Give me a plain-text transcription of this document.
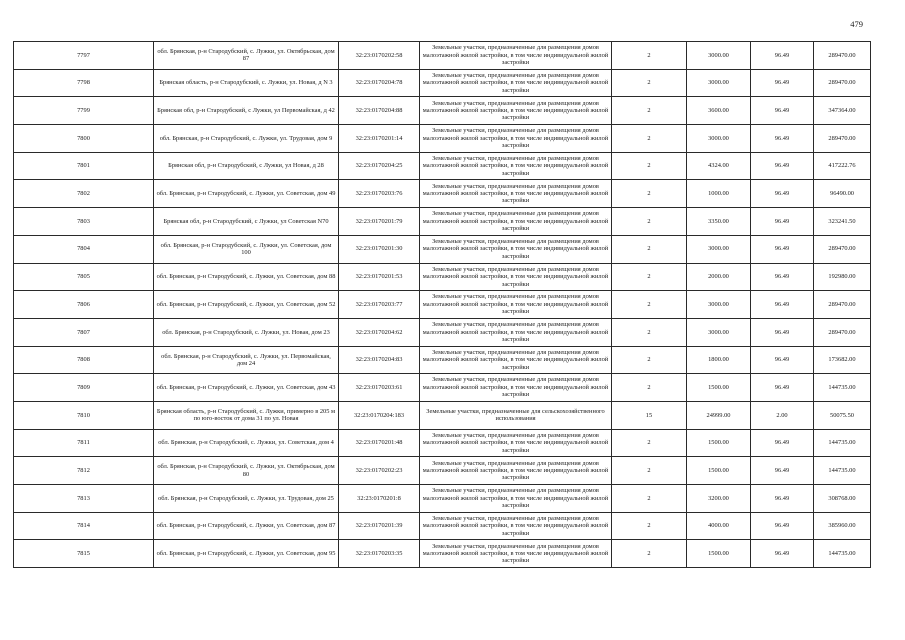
479
7797	обл. Брянская, р-н Стародубский, с. Лужки, ул. Октябрьская, дом 87	32:23:0170202:58	Земельные участки, предназначенные для размещения домов малоэтажной жилой застройки, в том числе индивидуальной жилой застройки	2	3000.00	96.49	289470.00
7798	Брянская область, р-н Стародубский, с. Лужки, ул. Новая, д N 3	32:23:0170204:78	Земельные участки, предназначенные для размещения домов малоэтажной жилой застройки, в том числе индивидуальной жилой застройки	2	3000.00	96.49	289470.00
7799	Брянская обл, р-н Стародубский, с Лужки, ул Первомайская, д 42	32:23:0170204:88	Земельные участки, предназначенные для размещения домов малоэтажной жилой застройки, в том числе индивидуальной жилой застройки	2	3600.00	96.49	347364.00
7800	обл. Брянская, р-н Стародубский, с. Лужки, ул. Трудовая, дом 9	32:23:0170201:14	Земельные участки, предназначенные для размещения домов малоэтажной жилой застройки, в том числе индивидуальной жилой застройки	2	3000.00	96.49	289470.00
7801	Брянская обл, р-н Стародубский, с Лужки, ул Новая, д 28	32:23:0170204:25	Земельные участки, предназначенные для размещения домов малоэтажной жилой застройки, в том числе индивидуальной жилой застройки	2	4324.00	96.49	417222.76
7802	обл. Брянская, р-н Стародубский, с. Лужки, ул. Советская, дом 49	32:23:0170203:76	Земельные участки, предназначенные для размещения домов малоэтажной жилой застройки, в том числе индивидуальной жилой застройки	2	1000.00	96.49	96490.00
7803	Брянская обл, р-н Стародубский, с Лужки, ул Советская N70	32:23:0170201:79	Земельные участки, предназначенные для размещения домов малоэтажной жилой застройки, в том числе индивидуальной жилой застройки	2	3350.00	96.49	323241.50
7804	обл. Брянская, р-н Стародубский, с. Лужки, ул. Советская, дом 100	32:23:0170201:30	Земельные участки, предназначенные для размещения домов малоэтажной жилой застройки, в том числе индивидуальной жилой застройки	2	3000.00	96.49	289470.00
7805	обл. Брянская, р-н Стародубский, с. Лужки, ул. Советская, дом 88	32:23:0170201:53	Земельные участки, предназначенные для размещения домов малоэтажной жилой застройки, в том числе индивидуальной жилой застройки	2	2000.00	96.49	192980.00
7806	обл. Брянская, р-н Стародубский, с. Лужки, ул. Советская, дом 52	32:23:0170203:77	Земельные участки, предназначенные для размещения домов малоэтажной жилой застройки, в том числе индивидуальной жилой застройки	2	3000.00	96.49	289470.00
7807	обл. Брянская, р-н Стародубский, с. Лужки, ул. Новая, дом 23	32:23:0170204:62	Земельные участки, предназначенные для размещения домов малоэтажной жилой застройки, в том числе индивидуальной жилой застройки	2	3000.00	96.49	289470.00
7808	обл. Брянская, р-н Стародубский, с. Лужки, ул. Первомайская, дом 24	32:23:0170204:83	Земельные участки, предназначенные для размещения домов малоэтажной жилой застройки, в том числе индивидуальной жилой застройки	2	1800.00	96.49	173682.00
7809	обл. Брянская, р-н Стародубский, с. Лужки, ул. Советская, дом 43	32:23:0170203:61	Земельные участки, предназначенные для размещения домов малоэтажной жилой застройки, в том числе индивидуальной жилой застройки	2	1500.00	96.49	144735.00
7810	Брянская область, р-н Стародубский, с. Лужки, примерно в 205 м по юго-восток от дома 31 по ул. Новая	32:23:0170204:183	Земельные участки, предназначенные для сельскохозяйственного использования	15	24999.00	2.00	50075.50
7811	обл. Брянская, р-н Стародубский, с. Лужки, ул. Советская, дом 4	32:23:0170201:48	Земельные участки, предназначенные для размещения домов малоэтажной жилой застройки, в том числе индивидуальной жилой застройки	2	1500.00	96.49	144735.00
7812	обл. Брянская, р-н Стародубский, с. Лужки, ул. Октябрьская, дом 80	32:23:0170202:23	Земельные участки, предназначенные для размещения домов малоэтажной жилой застройки, в том числе индивидуальной жилой застройки	2	1500.00	96.49	144735.00
7813	обл. Брянская, р-н Стародубский, с. Лужки, ул. Трудовая, дом 25	32:23:0170201:8	Земельные участки, предназначенные для размещения домов малоэтажной жилой застройки, в том числе индивидуальной жилой застройки	2	3200.00	96.49	308768.00
7814	обл. Брянская, р-н Стародубский, с. Лужки, ул. Советская, дом 87	32:23:0170201:39	Земельные участки, предназначенные для размещения домов малоэтажной жилой застройки, в том числе индивидуальной жилой застройки	2	4000.00	96.49	385960.00
7815	обл. Брянская, р-н Стародубский, с. Лужки, ул. Советская, дом 95	32:23:0170203:35	Земельные участки, предназначенные для размещения домов малоэтажной жилой застройки, в том числе индивидуальной жилой застройки	2	1500.00	96.49	144735.00
